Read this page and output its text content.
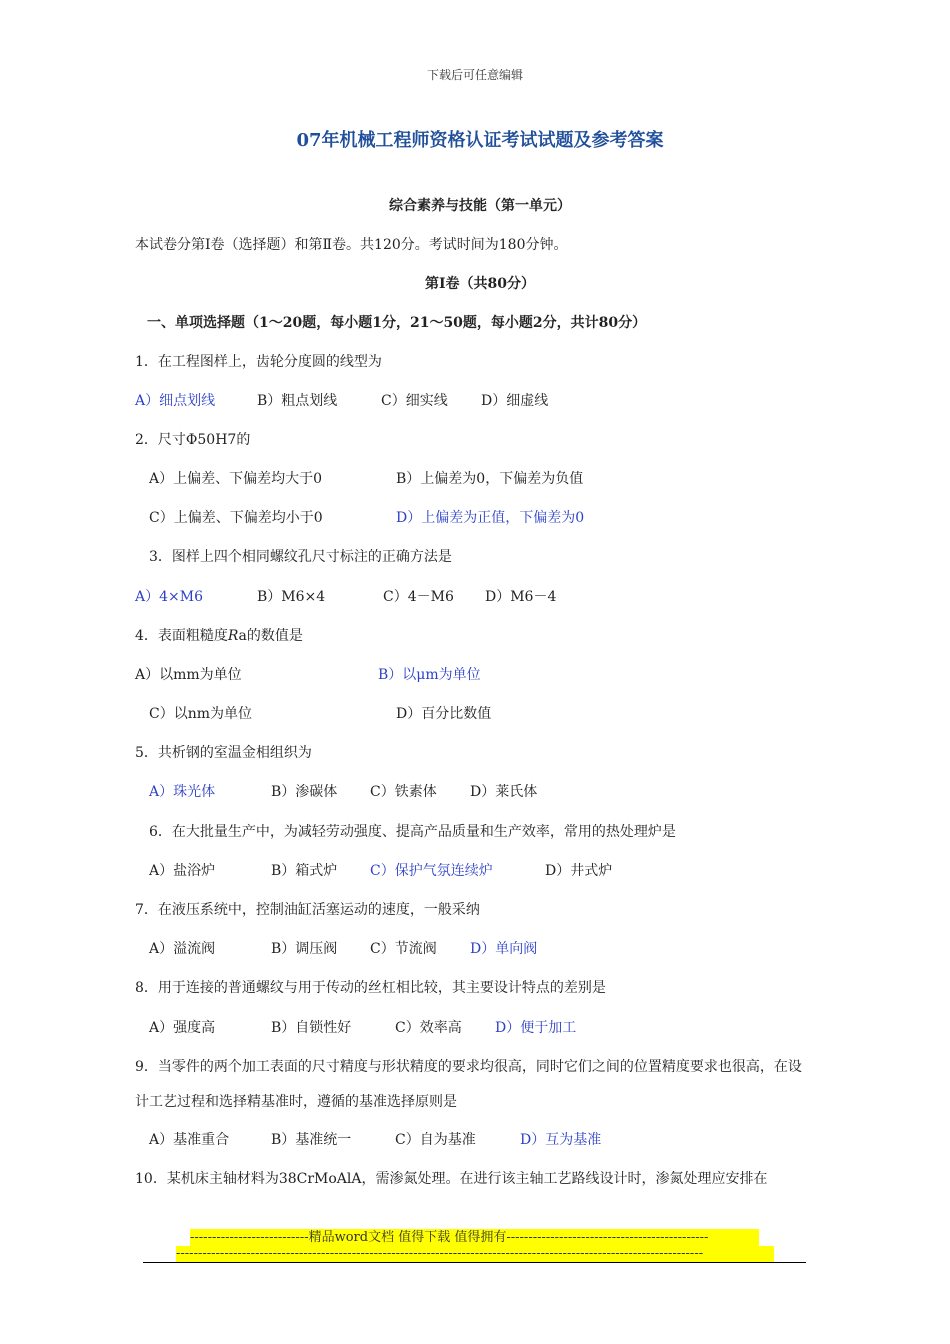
下载后可任意编辑
07年机械工程师资格认证考试试题及参考答案
综合素养与技能（第一单元）
本试卷分第Ⅰ卷（选择题）和第Ⅱ卷。共120分。考试时间为180分钟。
第Ⅰ卷（共80分）
一、单项选择题（1～20题，每小题1分，21～50题，每小题2分，共计80分）
1．在工程图样上，齿轮分度圆的线型为
A）细点划线	B）粗点划线	C）细实线 D）细虚线
2．尺寸Φ50H7的
A）上偏差、下偏差均大于0	B）上偏差为0，下偏差为负值
C）上偏差、下偏差均小于0	D）上偏差为正值，下偏差为0
3．图样上四个相同螺纹孔尺寸标注的正确方法是
A）4×M6	B）M6×4	C）4－M6 D）M6－4
4．表面粗糙度Ra的数值是
A）以mm为单位	B）以μm为单位
C）以nm为单位	D）百分比数值
5．共析钢的室温金相组织为
A）珠光体	B）渗碳体 C）铁素体 D）莱氏体
6．在大批量生产中，为减轻劳动强度、提高产品质量和生产效率，常用的热处理炉是
A）盐浴炉	B）箱式炉 C）保护气氛连续炉	D）井式炉
7．在液压系统中，控制油缸活塞运动的速度，一般采纳
A）溢流阀	B）调压阀 C）节流阀 D）单向阀
8．用于连接的普通螺纹与用于传动的丝杠相比较，其主要设计特点的差别是
A）强度高	B）自锁性好	C）效率高 D）便于加工
9．当零件的两个加工表面的尺寸精度与形状精度的要求均很高，同时它们之间的位置精度要求也很高，在设
计工艺过程和选择精基准时，遵循的基准选择原则是
A）基准重合	B）基准统一	C）自为基准	D）互为基准
10．某机床主轴材料为38CrMoAlA，需渗氮处理。在进行该主轴工艺路线设计时，渗氮处理应安排在
---------------------------精品word文档 值得下载 值得拥有----------------------------------------------
------------------------------------------------------------------------------------------------------------------------
